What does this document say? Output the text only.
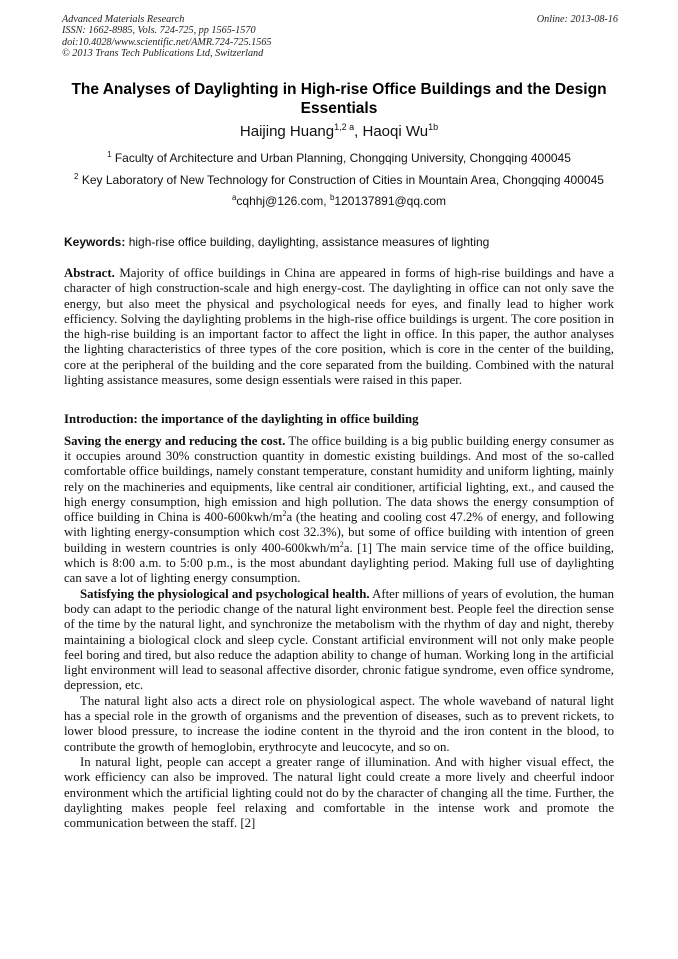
Advanced Materials Research
ISSN: 1662-8985, Vols. 724-725, pp 1565-1570
doi:10.4028/www.scientific.net/AMR.724-725.1565
© 2013 Trans Tech Publications Ltd, Switzerland
Online: 2013-08-16
The Analyses of Daylighting in High-rise Office Buildings and the Design Essentials
Haijing Huang$^{1,2 a}$, Haoqi $Wu^{1b}$
$^1$ Faculty of Architecture and Urban Planning, Chongqing University, Chongqing 400045
$^2$ Key Laboratory of New Technology for Construction of Cities in Mountain Area, Chongqing 400045
$^a$cqhhj@126.com, $^b$120137891@qq.com
Keywords: high-rise office building, daylighting, assistance measures of lighting

Abstract. Majority of office buildings in China are appeared in forms of high-rise buildings and have a character of high construction-scale and high energy-cost. The daylighting in office can not only save the energy, but also meet the physical and psychological needs for eyes, and finally lead to higher work efficiency. Solving the daylighting problems in the high-rise office buildings is urgent. The core position in the high-rise building is an important factor to affect the light in office. In this paper, the author analyses the lighting characteristics of three types of the core position, which is core in the center of the building, core at the peripheral of the building and the core separated from the building. Combined with the natural lighting assistance measures, some design essentials were raised in this paper.

Introduction: the importance of the daylighting in office building

Saving the energy and reducing the cost. The office building is a big public building energy consumer as it occupies around 30% construction quantity in domestic existing buildings. And most of the so-called comfortable office buildings, namely constant temperature, constant humidity and uniform lighting, mainly rely on the machineries and equipments, like central air conditioner, artificial lighting, ext., and caused the high energy consumption, high emission and high pollution. The data shows the energy consumption of office building in China is $400-600kwh/m^2a$ (the heating and cooling cost 47.2% of energy, and following with lighting energy-consumption which cost 32.3%), but some of office building with intention of green building in western countries is only $400-600kwh/m^2a$. [1] The main service time of the office building, which is 8:00 a.m. to 5:00 p.m., is the most abundant daylighting period. Making full use of daylighting can save a lot of lighting energy consumption.

Satisfying the physiological and psychological health. After millions of years of evolution, the human body can adapt to the periodic change of the natural light environment best. People feel the direction sense of the time by the natural light, and synchronize the metabolism with the rhythm of day and night, thereby maintaining a biological clock and sleep cycle. Constant artificial environment will not only make people feel boring and tired, but also reduce the adaption ability to change of human. Working long in the artificial light environment will lead to seasonal affective disorder, chronic fatigue syndrome, even office syndrome, depression, etc.

The natural light also acts a direct role on physiological aspect. The whole waveband of natural light has a special role in the growth of organisms and the prevention of diseases, such as to prevent rickets, to lower blood pressure, to increase the iodine content in the thyroid and the iron content in the blood, to contribute the growth of hemoglobin, erythrocyte and leucocyte, and so on.

In natural light, people can accept a greater range of illumination. And with higher visual effect, the work efficiency can also be improved. The natural light could create a more lively and cheerful indoor environment which the artificial lighting could not do by the character of changing all the time. Further, the daylighting makes people feel relaxing and comfortable in the intense work and promote the communication between the staff. [2]
